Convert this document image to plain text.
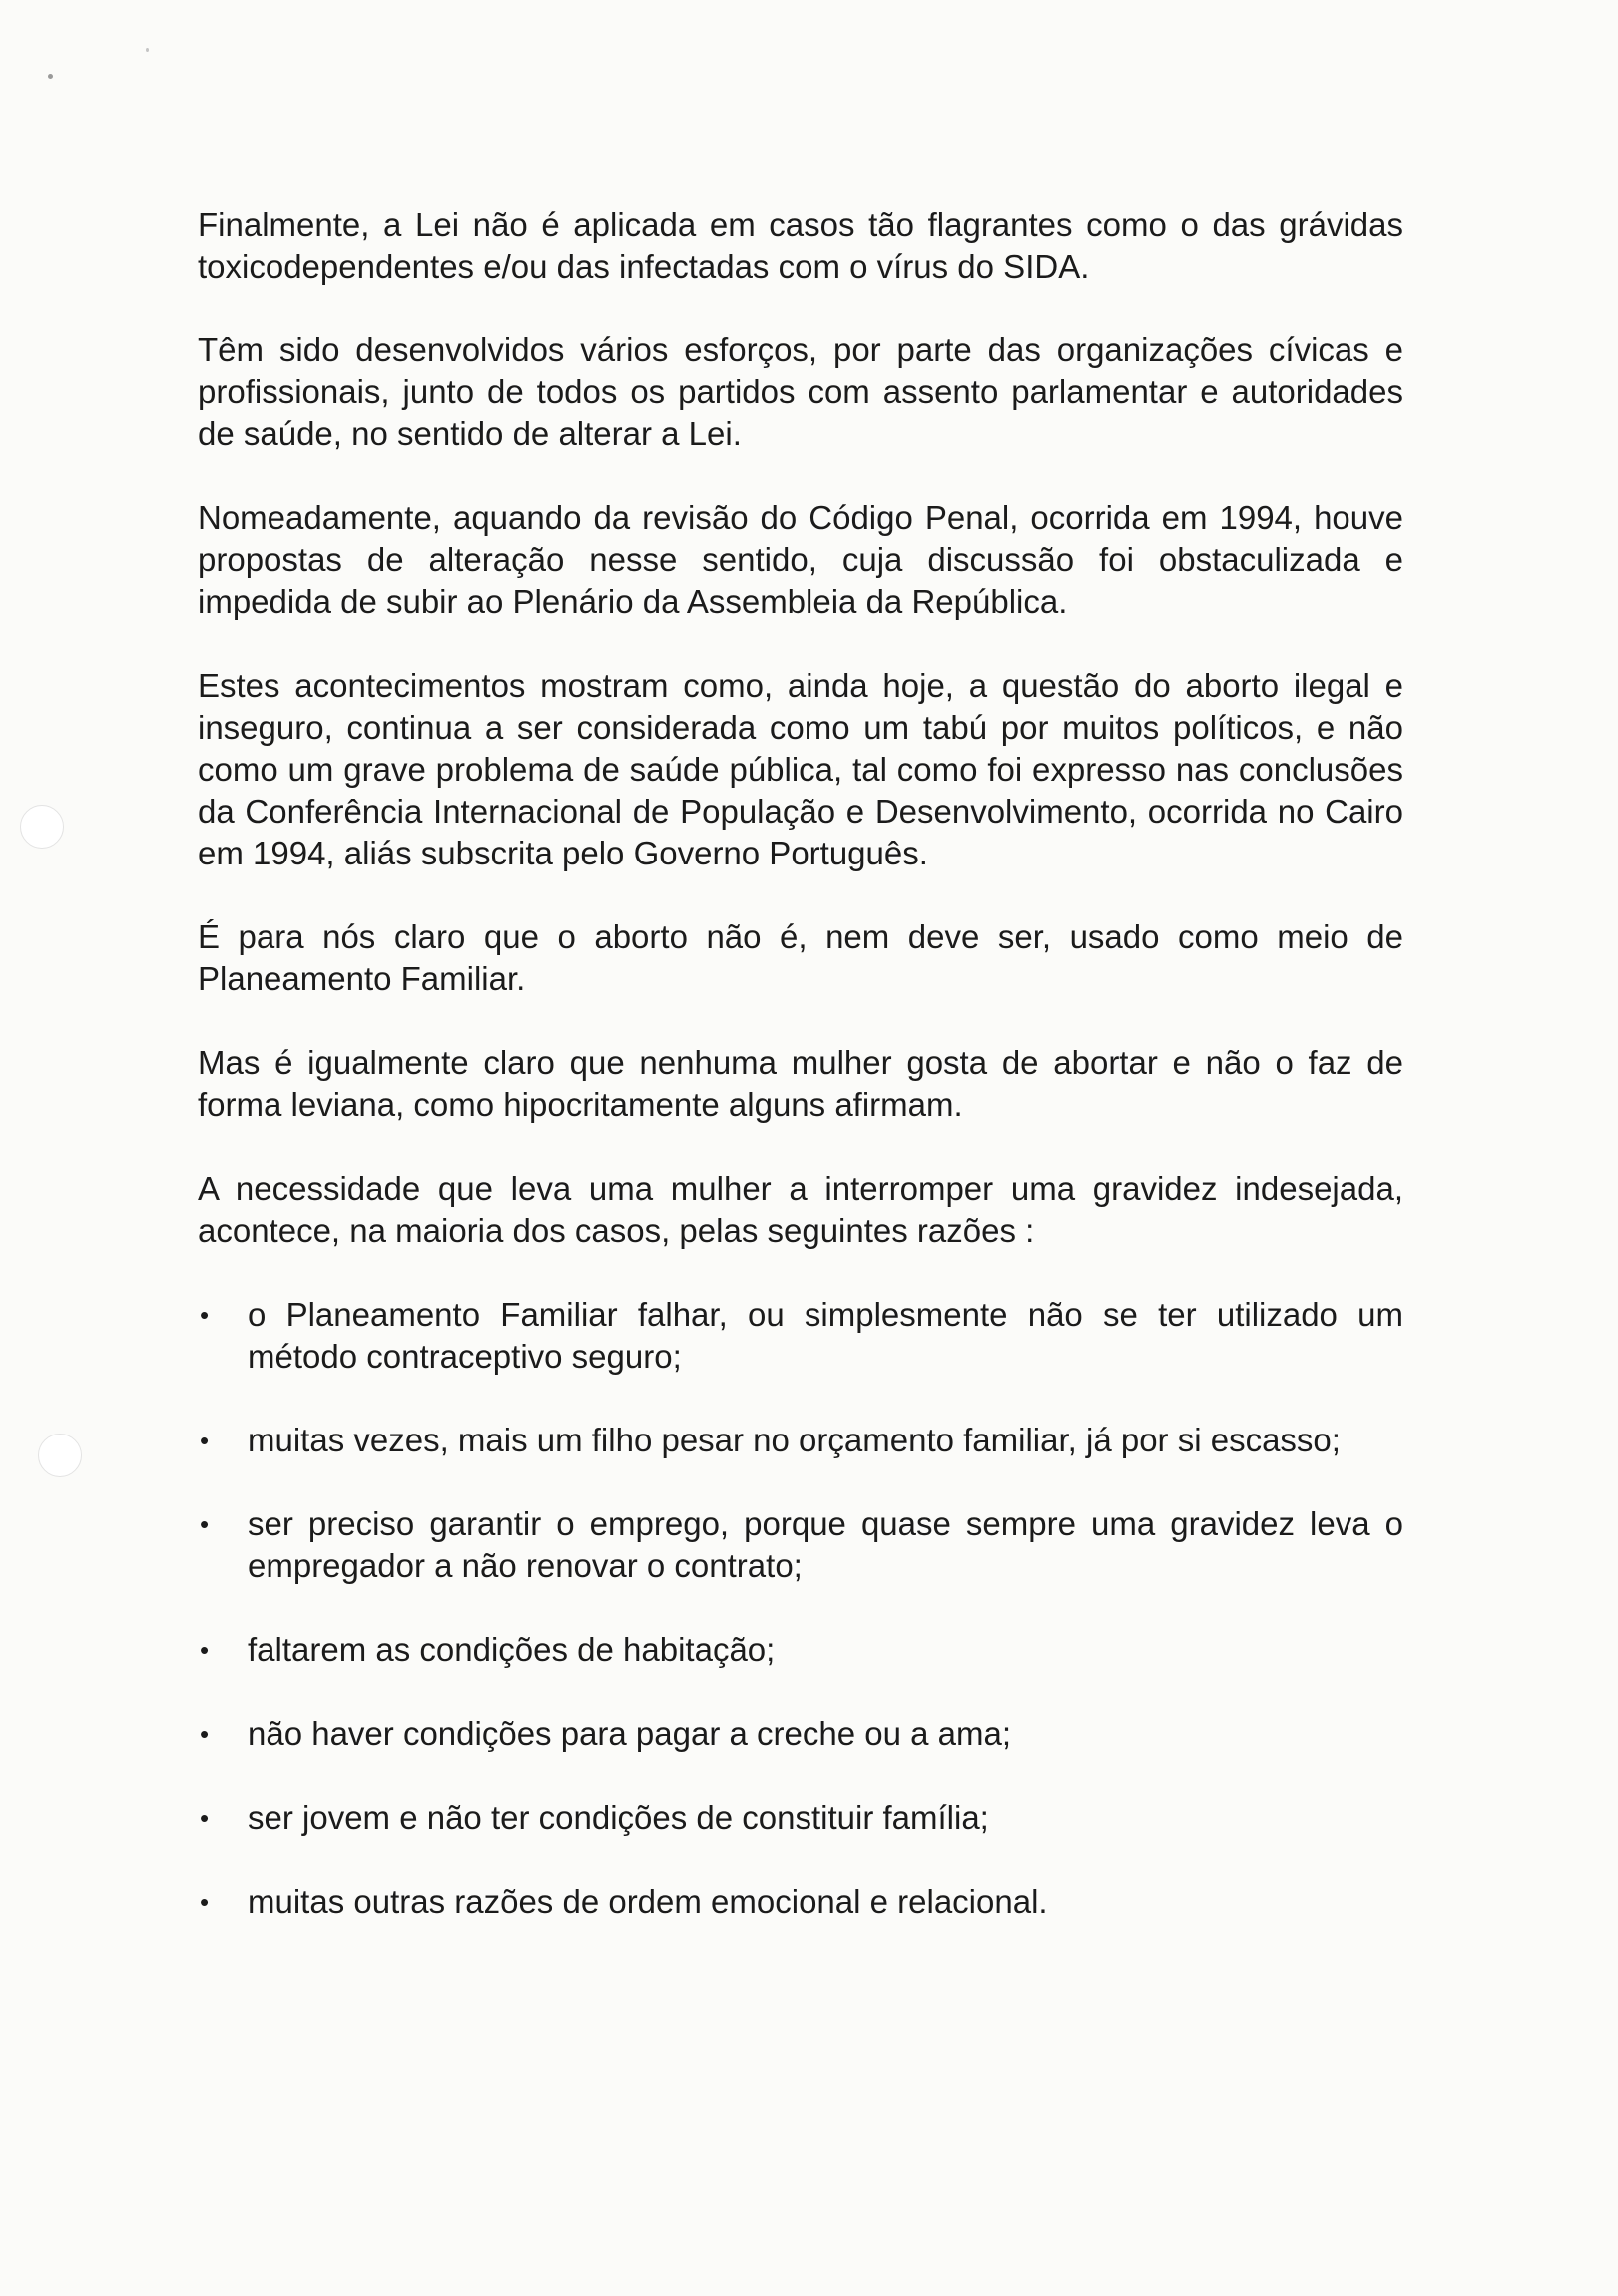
Finalmente, a Lei não é aplicada em casos tão flagrantes como o das grávidas toxicodependentes e/ou das infectadas com o vírus do SIDA.

Têm sido desenvolvidos vários esforços, por parte das organizações cívicas e profissionais, junto de todos os partidos com assento parlamentar e autoridades de saúde, no sentido de alterar a Lei.

Nomeadamente, aquando da revisão do Código Penal, ocorrida em 1994, houve propostas de alteração nesse sentido, cuja discussão foi obstaculizada e impedida de subir ao Plenário da Assembleia da República.

Estes acontecimentos mostram como, ainda hoje, a questão do aborto ilegal e inseguro, continua a ser considerada como um tabú por muitos políticos, e não como um grave problema de saúde pública, tal como foi expresso nas conclusões da Conferência Internacional de População e Desenvolvimento, ocorrida no Cairo em 1994, aliás subscrita pelo Governo Português.

É para nós claro que o aborto não é, nem deve ser, usado como meio de Planeamento Familiar.

Mas é igualmente claro que nenhuma mulher gosta de abortar e não o faz de forma leviana, como hipocritamente alguns afirmam.

A necessidade que leva uma mulher a interromper uma gravidez indesejada, acontece, na maioria dos casos, pelas seguintes razões :

• o Planeamento Familiar falhar, ou simplesmente não se ter utilizado um método contraceptivo seguro;
• muitas vezes, mais um filho pesar no orçamento familiar, já por si escasso;
• ser preciso garantir o emprego, porque quase sempre uma gravidez leva o empregador a não renovar o contrato;
• faltarem as condições de habitação;
• não haver condições para pagar a creche ou a ama;
• ser jovem e não ter condições de constituir família;
• muitas outras razões de ordem emocional e relacional.
